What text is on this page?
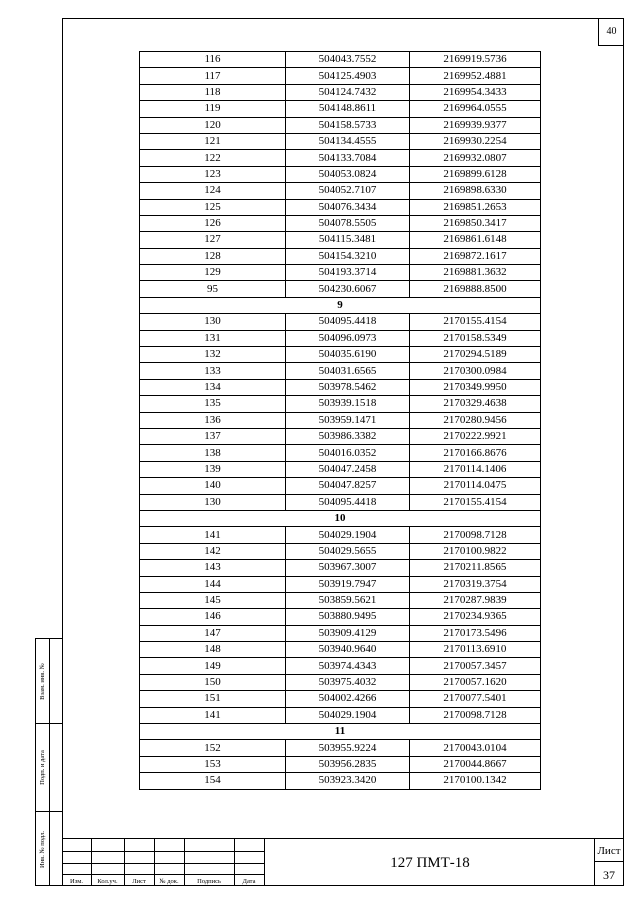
40
116	504043.7552	2169919.5736
117	504125.4903	2169952.4881
118	504124.7432	2169954.3433
119	504148.8611	2169964.0555
120	504158.5733	2169939.9377
121	504134.4555	2169930.2254
122	504133.7084	2169932.0807
123	504053.0824	2169899.6128
124	504052.7107	2169898.6330
125	504076.3434	2169851.2653
126	504078.5505	2169850.3417
127	504115.3481	2169861.6148
128	504154.3210	2169872.1617
129	504193.3714	2169881.3632
95	504230.6067	2169888.8500
9		
130	504095.4418	2170155.4154
131	504096.0973	2170158.5349
132	504035.6190	2170294.5189
133	504031.6565	2170300.0984
134	503978.5462	2170349.9950
135	503939.1518	2170329.4638
136	503959.1471	2170280.9456
137	503986.3382	2170222.9921
138	504016.0352	2170166.8676
139	504047.2458	2170114.1406
140	504047.8257	2170114.0475
130	504095.4418	2170155.4154
10		
141	504029.1904	2170098.7128
142	504029.5655	2170100.9822
143	503967.3007	2170211.8565
144	503919.7947	2170319.3754
145	503859.5621	2170287.9839
146	503880.9495	2170234.9365
147	503909.4129	2170173.5496
148	503940.9640	2170113.6910
149	503974.4343	2170057.3457
150	503975.4032	2170057.1620
151	504002.4266	2170077.5401
141	504029.1904	2170098.7128
11		
152	503955.9224	2170043.0104
153	503956.2835	2170044.8667
154	503923.3420	2170100.1342
Взам. инв. №
Подп. и дата
Инв. № подл.
Изм.	Кол.уч.	Лист	№ док.	Подпись	Дата
127 ПМТ-18
Лист
37
